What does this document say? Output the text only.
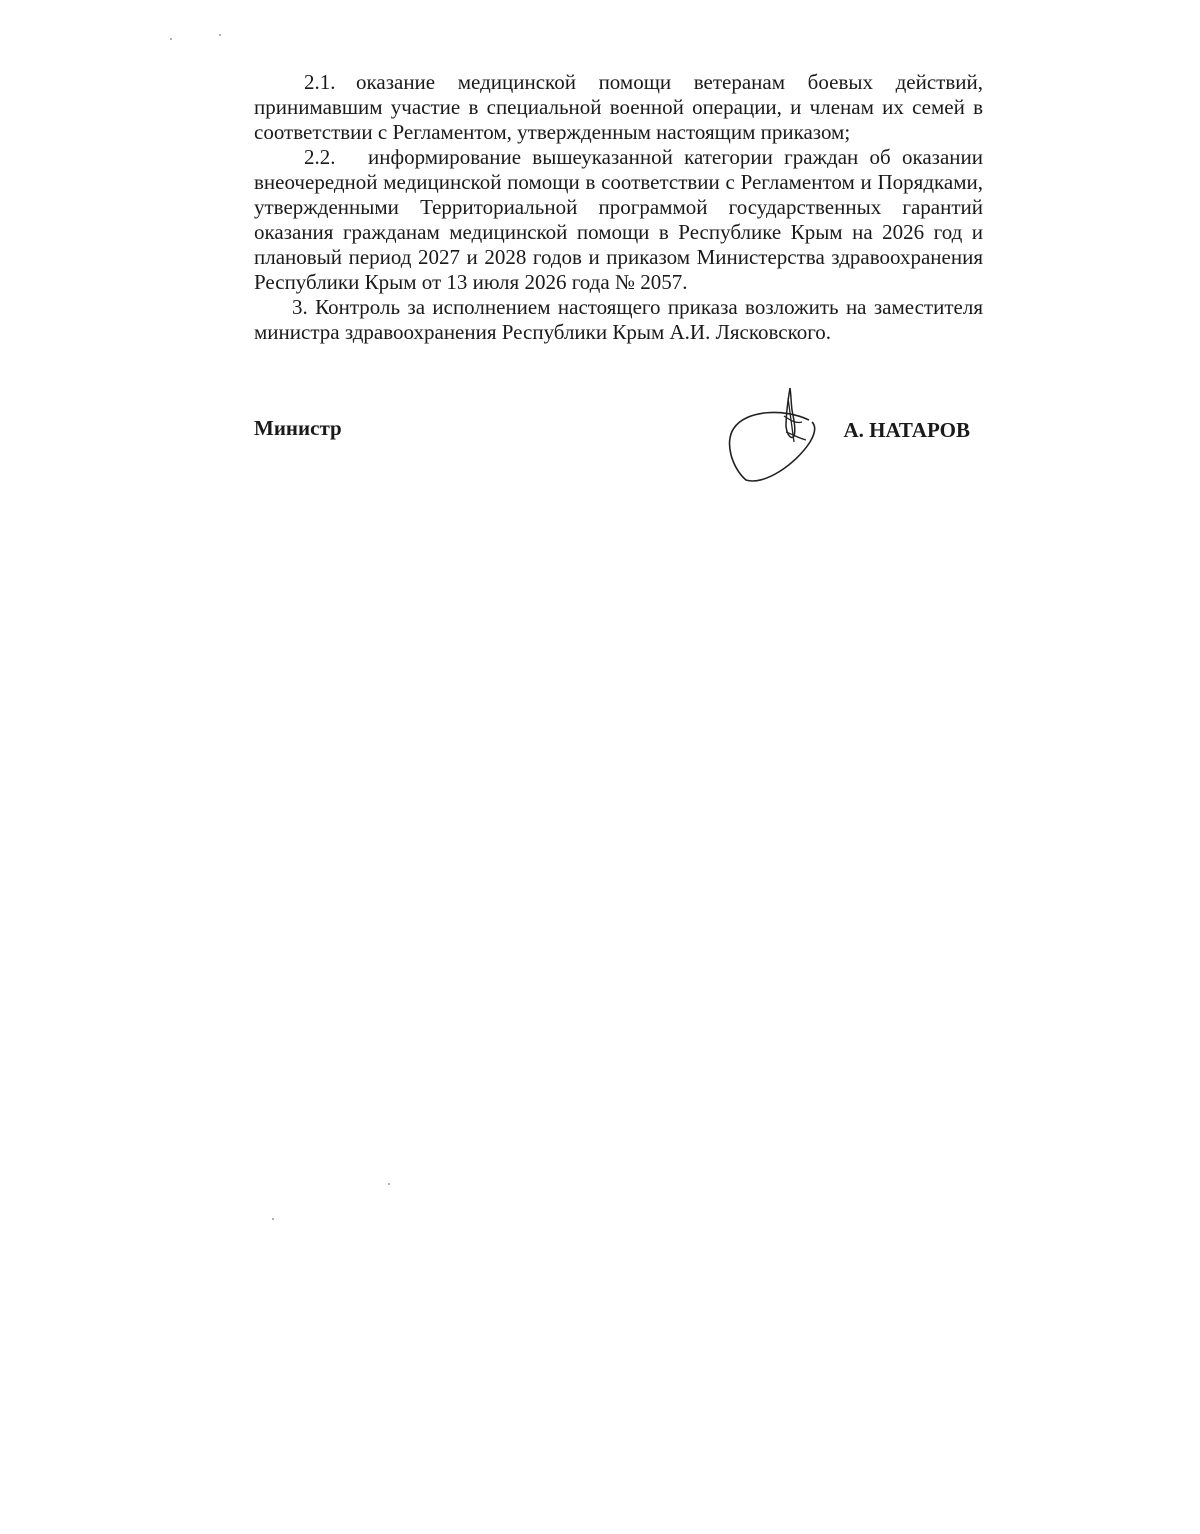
2.1. оказание медицинской помощи ветеранам боевых действий, принимавшим участие в специальной военной операции, и членам их семей в соответствии с Регламентом, утвержденным настоящим приказом;

2.2. информирование вышеуказанной категории граждан об оказании внеочередной медицинской помощи в соответствии с Регламентом и Порядками, утвержденными Территориальной программой государственных гарантий оказания гражданам медицинской помощи в Республике Крым на 2026 год и плановый период 2027 и 2028 годов и приказом Министерства здравоохранения Республики Крым от 13 июля 2026 года № 2057.

3. Контроль за исполнением настоящего приказа возложить на заместителя министра здравоохранения Республики Крым А.И. Лясковского.

Министр	А. НАТАРОВ
